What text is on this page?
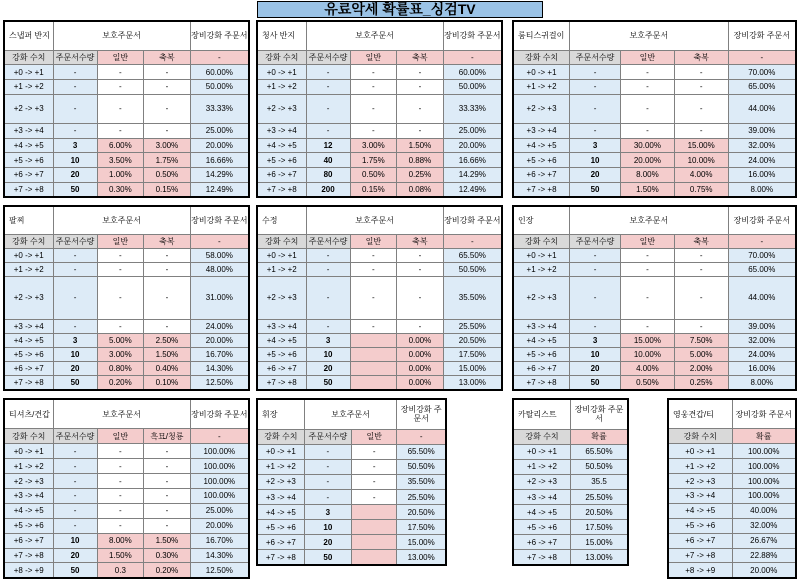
유료악세 확률표_싱검TV
스냅퍼 반지	보호주문서			장비강화 주문서
강화 수치	주문서수량	일반	축복	-
+0 -> +1	-	-	-	60.00%
+1 -> +2	-	-	-	50.00%
+2 -> +3	-	-	-	33.33%
+3 -> +4	-	-	-	25.00%
+4 -> +5	3	6.00%	3.00%	20.00%
+5 -> +6	10	3.50%	1.75%	16.66%
+6 -> +7	20	1.00%	0.50%	14.29%
+7 -> +8	50	0.30%	0.15%	12.49%
청사 반지	보호주문서			장비강화 주문서
강화 수치	주문서수량	일반	축복	-
+0 -> +1	-	-	-	60.00%
+1 -> +2	-	-	-	50.00%
+2 -> +3	-	-	-	33.33%
+3 -> +4	-	-	-	25.00%
+4 -> +5	12	3.00%	1.50%	20.00%
+5 -> +6	40	1.75%	0.88%	16.66%
+6 -> +7	80	0.50%	0.25%	14.29%
+7 -> +8	200	0.15%	0.08%	12.49%
룸티스귀걸이	보호주문서			장비강화 주문서
강화 수치	주문서수량	일반	축복	-
+0 -> +1	-	-	-	70.00%
+1 -> +2	-	-	-	65.00%
+2 -> +3	-	-	-	44.00%
+3 -> +4	-	-	-	39.00%
+4 -> +5	3	30.00%	15.00%	32.00%
+5 -> +6	10	20.00%	10.00%	24.00%
+6 -> +7	20	8.00%	4.00%	16.00%
+7 -> +8	50	1.50%	0.75%	8.00%
팔찌	보호주문서			장비강화 주문서
강화 수치	주문서수량	일반	축복	-
+0 -> +1	-	-	-	58.00%
+1 -> +2	-	-	-	48.00%
+2 -> +3	-	-	-	31.00%
+3 -> +4	-	-	-	24.00%
+4 -> +5	3	5.00%	2.50%	20.00%
+5 -> +6	10	3.00%	1.50%	16.70%
+6 -> +7	20	0.80%	0.40%	14.30%
+7 -> +8	50	0.20%	0.10%	12.50%
수정	보호주문서			장비강화 주문서
강화 수치	주문서수량	일반	축복	-
+0 -> +1	-	-	-	65.50%
+1 -> +2	-	-	-	50.50%
+2 -> +3	-	-	-	35.50%
+3 -> +4	-	-	-	25.50%
+4 -> +5	3		0.00%	20.50%
+5 -> +6	10		0.00%	17.50%
+6 -> +7	20		0.00%	15.00%
+7 -> +8	50		0.00%	13.00%
인장	보호주문서			장비강화 주문서
강화 수치	주문서수량	일반	축복	-
+0 -> +1	-	-	-	70.00%
+1 -> +2	-	-	-	65.00%
+2 -> +3	-	-	-	44.00%
+3 -> +4	-	-	-	39.00%
+4 -> +5	3	15.00%	7.50%	32.00%
+5 -> +6	10	10.00%	5.00%	24.00%
+6 -> +7	20	4.00%	2.00%	16.00%
+7 -> +8	50	0.50%	0.25%	8.00%
티셔츠/견갑	보호주문서			장비강화 주문서
강화 수치	주문서수량	일반	흑묘/청룡	-
+0 -> +1	-	-	-	100.00%
+1 -> +2	-	-	-	100.00%
+2 -> +3	-	-	-	100.00%
+3 -> +4	-	-	-	100.00%
+4 -> +5	-	-	-	25.00%
+5 -> +6	-	-	-	20.00%
+6 -> +7	10	8.00%	1.50%	16.70%
+7 -> +8	20	1.50%	0.30%	14.30%
+8 -> +9	50	0.3	0.20%	12.50%
휘장	보호주문서		장비강화 주문서
강화 수치	주문서수량	일반	-
+0 -> +1	-	-	65.50%
+1 -> +2	-	-	50.50%
+2 -> +3	-	-	35.50%
+3 -> +4	-	-	25.50%
+4 -> +5	3		20.50%
+5 -> +6	10		17.50%
+6 -> +7	20		15.00%
+7 -> +8	50		13.00%
카탈리스트	장비강화 주문서
강화 수치	확률
+0 -> +1	65.50%
+1 -> +2	50.50%
+2 -> +3	35.5
+3 -> +4	25.50%
+4 -> +5	20.50%
+5 -> +6	17.50%
+6 -> +7	15.00%
+7 -> +8	13.00%
영웅견갑/티	장비강화 주문서
강화 수치	확률
+0 -> +1	100.00%
+1 -> +2	100.00%
+2 -> +3	100.00%
+3 -> +4	100.00%
+4 -> +5	40.00%
+5 -> +6	32.00%
+6 -> +7	26.67%
+7 -> +8	22.88%
+8 -> +9	20.00%
